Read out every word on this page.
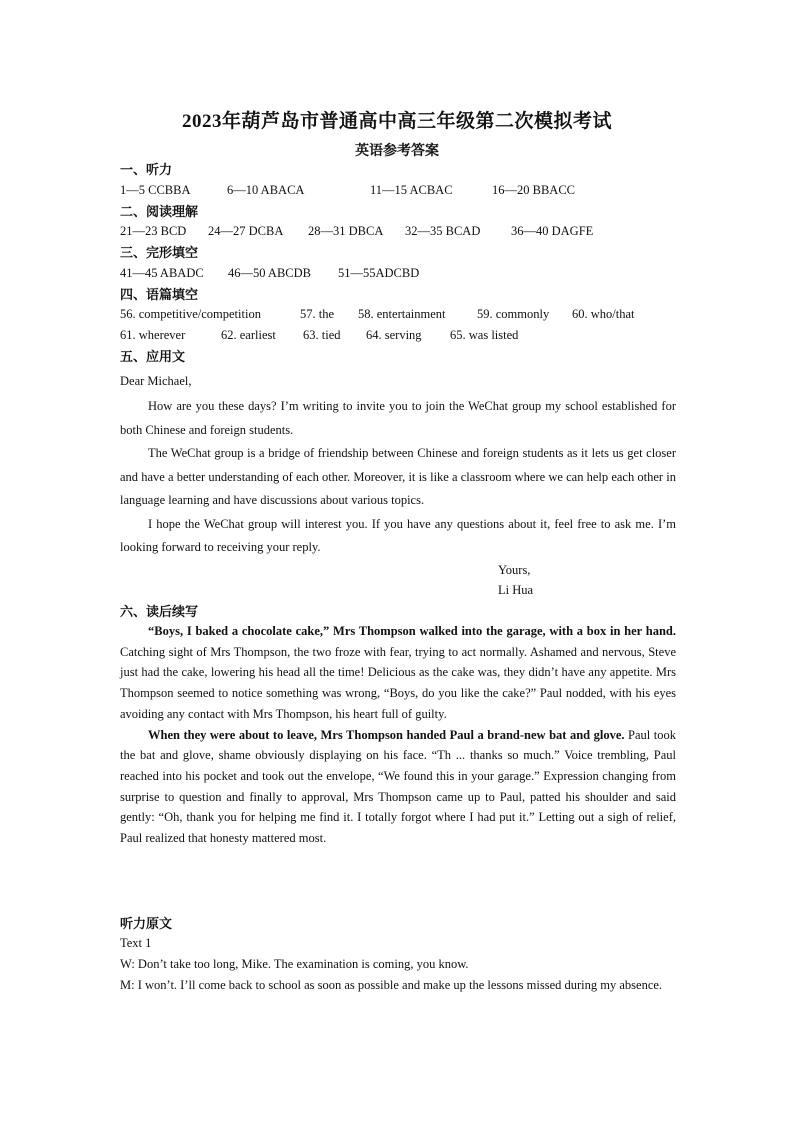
2023年葫芦岛市普通高中高三年级第二次模拟考试
英语参考答案
一、听力
1—5 CCBBA	6—10 ABACA	11—15 ACBAC	16—20 BBACC
二、阅读理解
21—23 BCD 24—27 DCBA 28—31 DBCA 32—35 BCAD 36—40 DAGFE
三、完形填空
41—45 ABADC 46—50 ABCDB 51—55ADCBD
四、语篇填空
56. competitive/competition	57. the 58. entertainment	59. commonly 60. who/that
61. wherever	62. earliest 63. tied 64. serving 65. was listed
五、应用文
Dear Michael,

How are you these days? I’m writing to invite you to join the WeChat group my school established for both Chinese and foreign students.

The WeChat group is a bridge of friendship between Chinese and foreign students as it lets us get closer and have a better understanding of each other. Moreover, it is like a classroom where we can help each other in language learning and have discussions about various topics.

I hope the WeChat group will interest you. If you have any questions about it, feel free to ask me. I’m looking forward to receiving your reply.

Yours,
Li Hua
六、读后续写

“Boys, I baked a chocolate cake,” Mrs Thompson walked into the garage, with a box in her hand. Catching sight of Mrs Thompson, the two froze with fear, trying to act normally. Ashamed and nervous, Steve just had the cake, lowering his head all the time! Delicious as the cake was, they didn’t have any appetite. Mrs Thompson seemed to notice something was wrong, “Boys, do you like the cake?” Paul nodded, with his eyes avoiding any contact with Mrs Thompson, his heart full of guilty.

When they were about to leave, Mrs Thompson handed Paul a brand-new bat and glove. Paul took the bat and glove, shame obviously displaying on his face. “Th ... thanks so much.” Voice trembling, Paul reached into his pocket and took out the envelope, “We found this in your garage.” Expression changing from surprise to question and finally to approval, Mrs Thompson came up to Paul, patted his shoulder and said gently: “Oh, thank you for helping me find it. I totally forgot where I had put it.” Letting out a sigh of relief, Paul realized that honesty mattered most.

听力原文
Text 1
W: Don’t take too long, Mike. The examination is coming, you know.
M: I won’t. I’ll come back to school as soon as possible and make up the lessons missed during my absence.
